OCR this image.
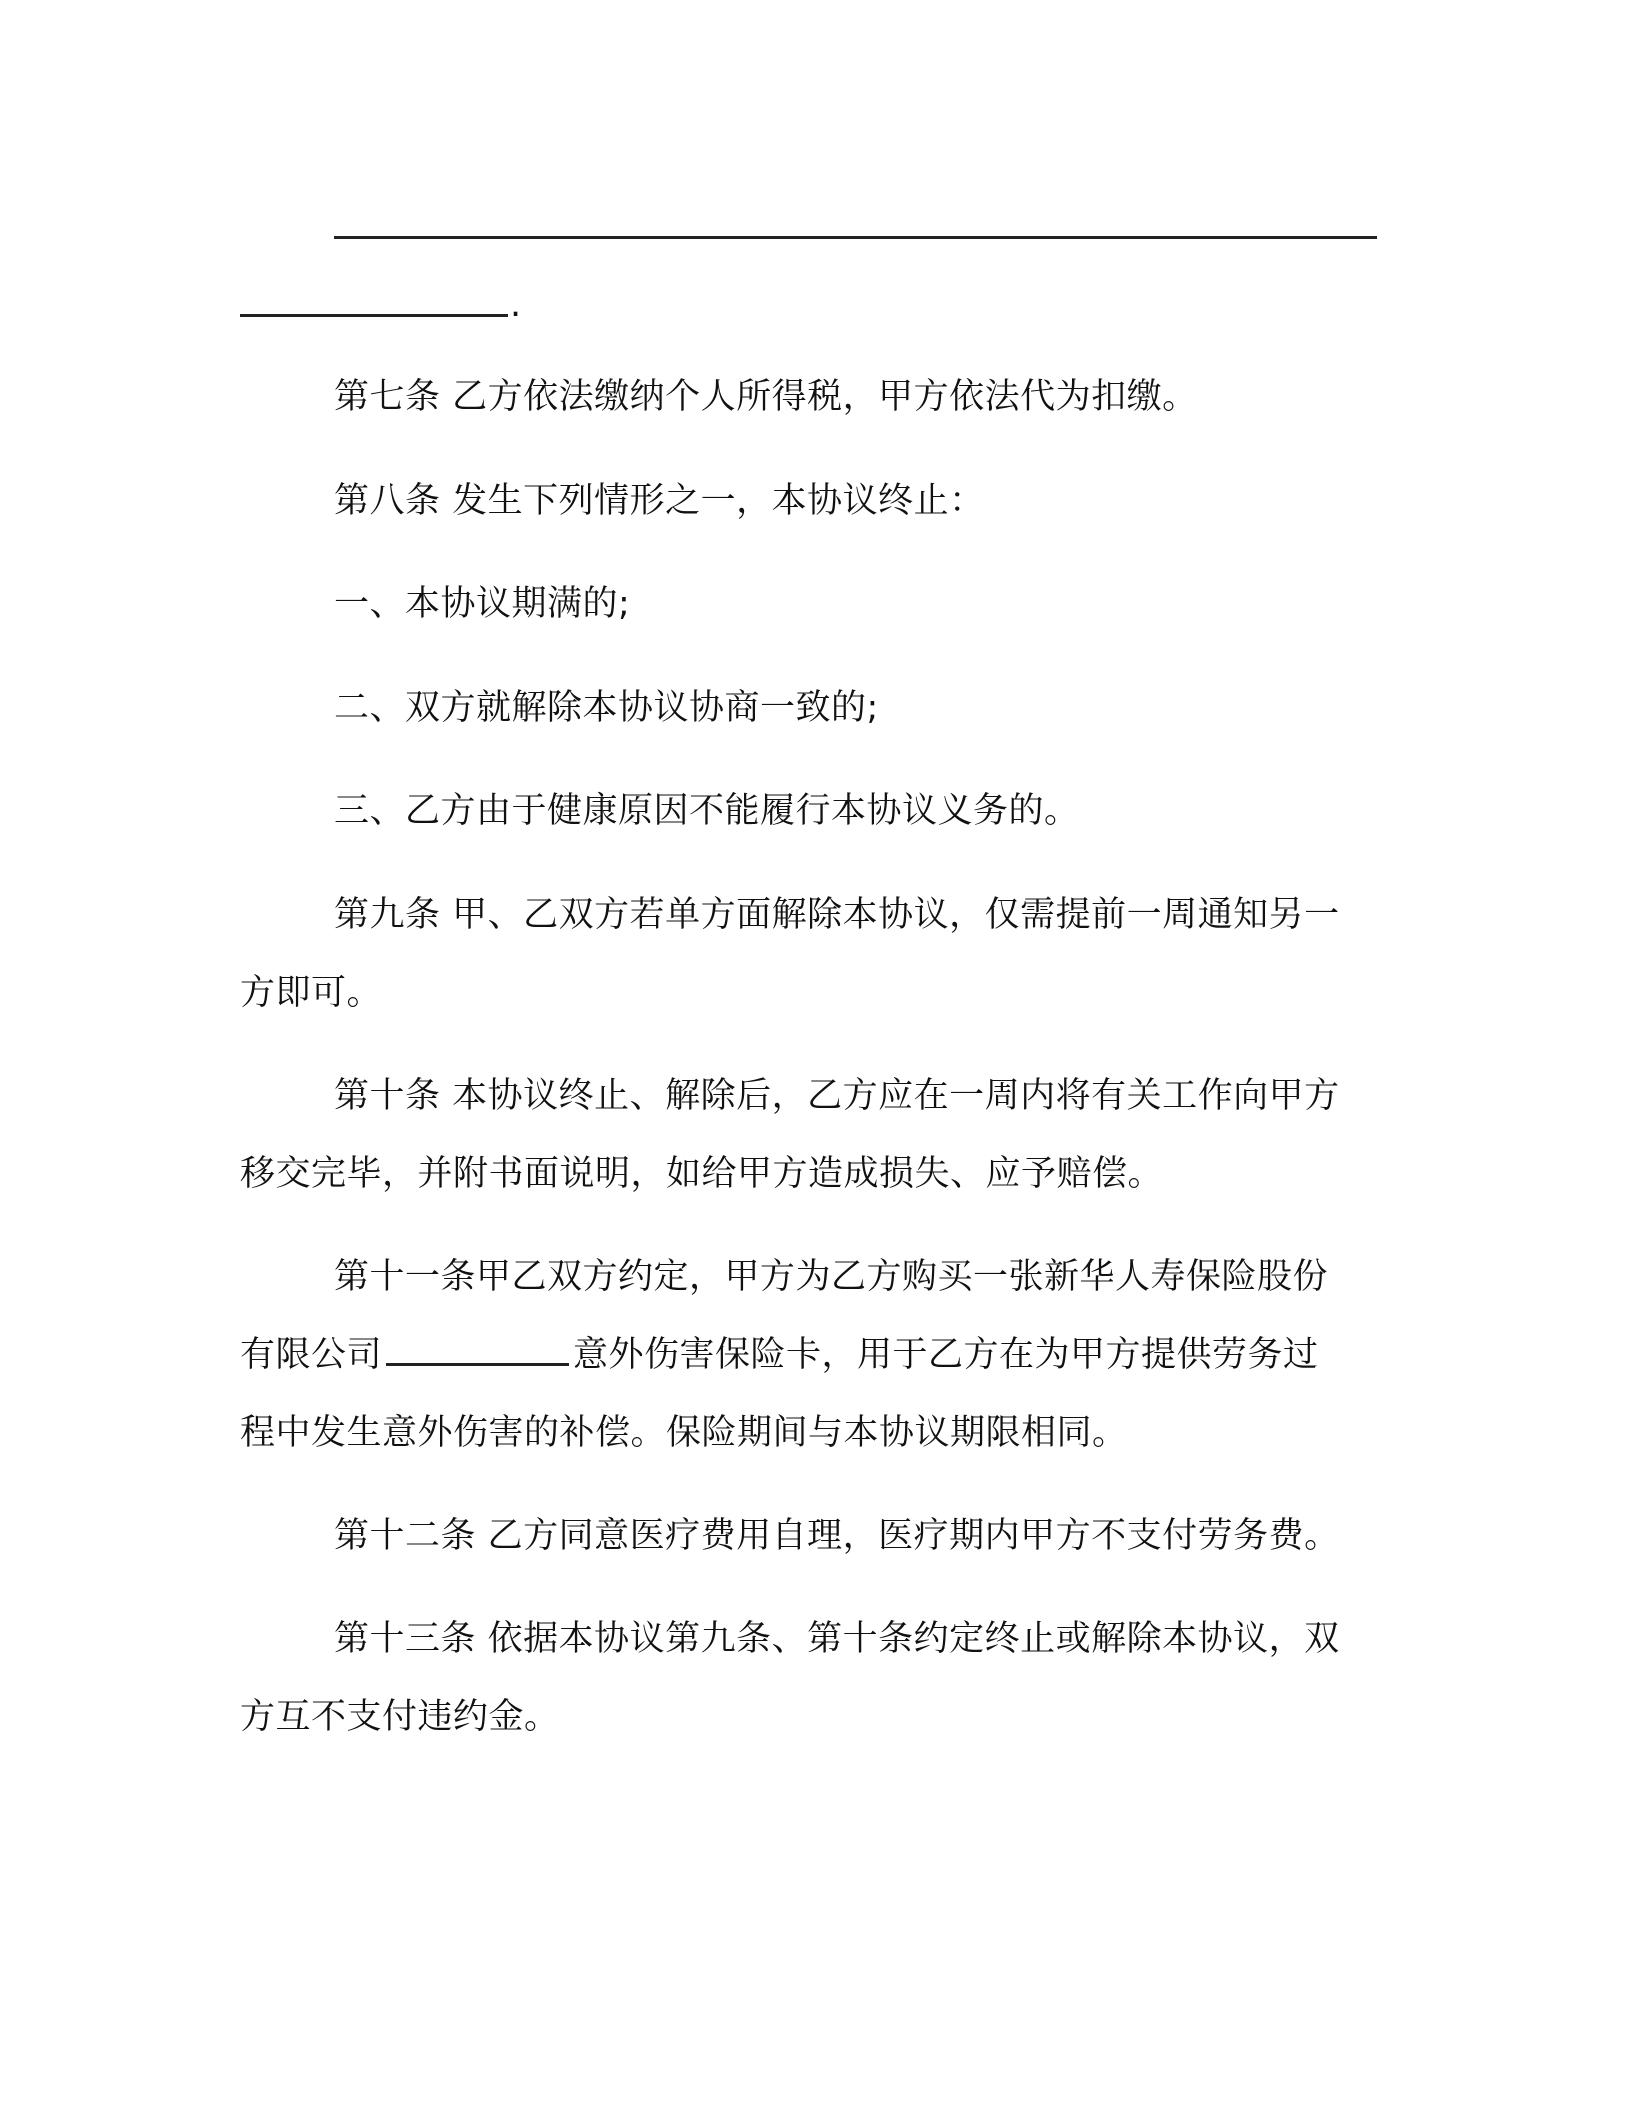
.
第七条 乙方依法缴纳个人所得税，甲方依法代为扣缴。
第八条 发生下列情形之一，本协议终止：
一、本协议期满的;
二、双方就解除本协议协商一致的;
三、乙方由于健康原因不能履行本协议义务的。
第九条 甲、乙双方若单方面解除本协议，仅需提前一周通知另一
方即可。
第十条 本协议终止、解除后，乙方应在一周内将有关工作向甲方
移交完毕，并附书面说明，如给甲方造成损失、应予赔偿。
第十一条甲乙双方约定，甲方为乙方购买一张新华人寿保险股份
有限公司	意外伤害保险卡，用于乙方在为甲方提供劳务过
程中发生意外伤害的补偿。保险期间与本协议期限相同。
第十二条 乙方同意医疗费用自理，医疗期内甲方不支付劳务费。
第十三条 依据本协议第九条、第十条约定终止或解除本协议，双
方互不支付违约金。
